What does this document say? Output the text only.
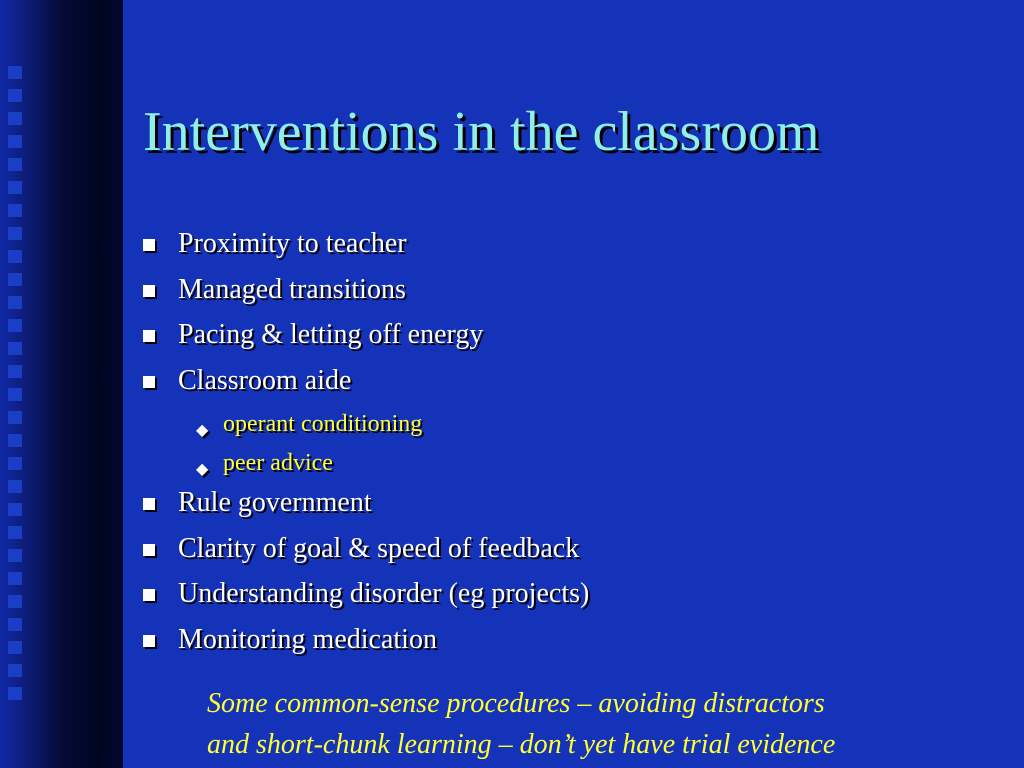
Interventions in the classroom
Proximity to teacher
Managed transitions
Pacing & letting off energy
Classroom aide
◆ operant conditioning
◆ peer advice
Rule government
Clarity of goal & speed of feedback
Understanding disorder (eg projects)
Monitoring medication
Some common-sense procedures – avoiding distractors
and short-chunk learning – don’t yet have trial evidence
